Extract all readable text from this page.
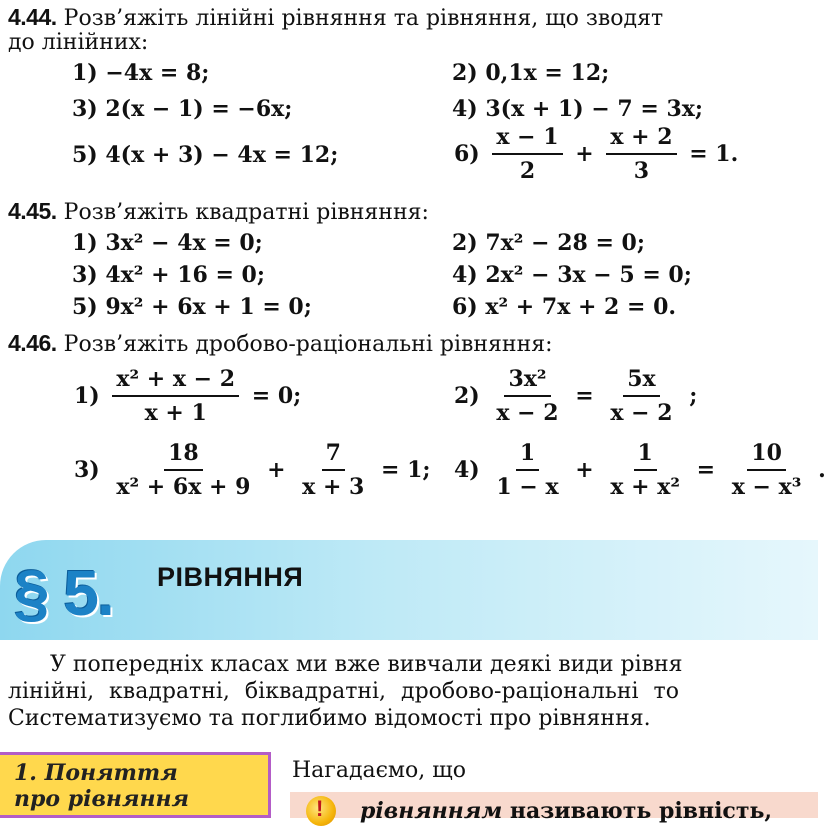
4.44. Розв’яжіть лінійні рівняння та рівняння, що зводят
до лінійних:
1) −4x = 8;	2) 0,1x = 12;
3) 2(x − 1) = −6x;	4) 3(x + 1) − 7 = 3x;
5) 4(x + 3) − 4x = 12;	$6) \frac{x - 1}{2} + \frac{x + 2}{3} = 1$.
4.45. Розв’яжіть квадратні рівняння:
1) 3x² − 4x = 0;	2) 7x² − 28 = 0;
3) 4x² + 16 = 0;	4) 2x² − 3x − 5 = 0;
5) 9x² + 6x + 1 = 0;	6) x² + 7x + 2 = 0.
4.46. Розв’яжіть дробово-раціональні рівняння:
$1) \frac{\text{x² + x − 2}}{x + 1} = 0$;	$2) \frac{\text{3x²}}{x - 2} = \frac{5x}{x - 2}$ ;
$3) \frac{18}{\text{x² + 6x + 9}} + \frac{7}{x + 3} = 1$; $4) \frac{1}{1 - x} + \frac{1}{\text{x + x²}} = \frac{10}{\text{x − x³}}$ .
§ 5. РІВНЯННЯ
У попередніх класах ми вже вивчали деякі види рівня
лінійні, квадратні, біквадратні, дробово-раціональні то
Систематизуємо та поглибимо відомості про рівняння.
1. Поняття
про рівняння
Нагадаємо, що
! рівнянням називають рівність,
